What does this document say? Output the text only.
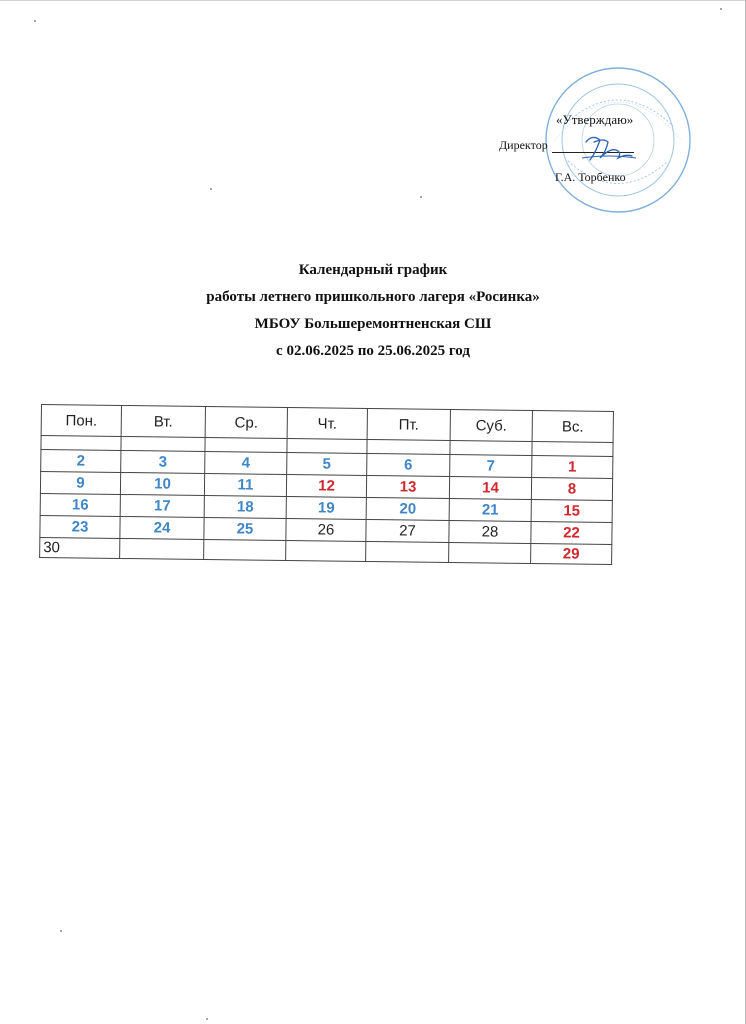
«Утверждаю»
Директор
Г.А. Торбенко
Календарный график
работы летнего пришкольного лагеря «Росинка»
МБОУ Большеремонтненская СШ
с 02.06.2025 по 25.06.2025 год
Пон.	Вт.	Ср.	Чт.	Пт.	Суб.	Вс.

2	3	4	5	6	7	1
9	10	11	12	13	14	8
16	17	18	19	20	21	15
23	24	25	26	27	28	22
30						29
